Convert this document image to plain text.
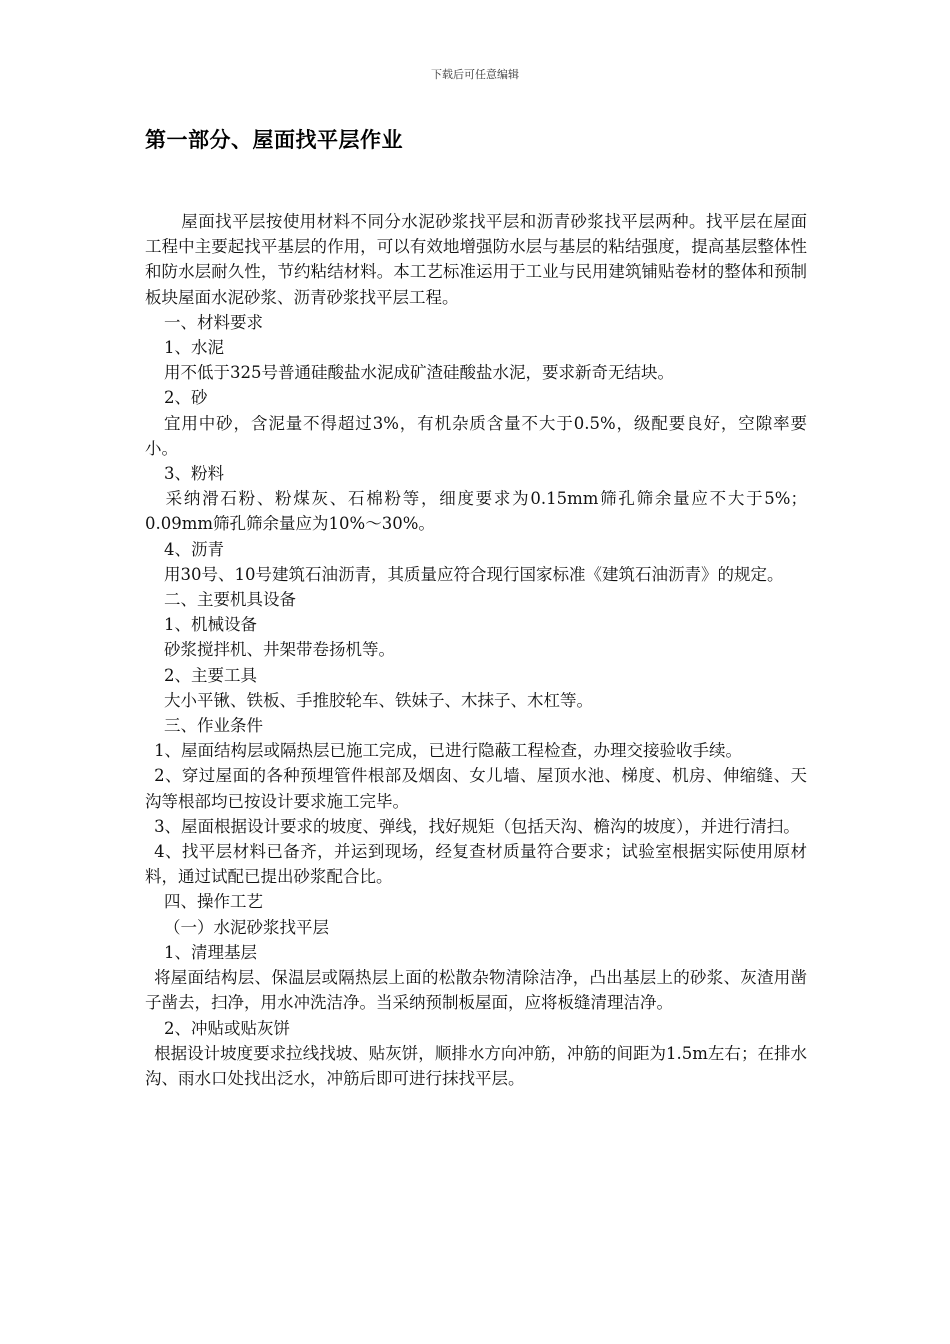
下载后可任意编辑
第一部分、屋面找平层作业

屋面找平层按使用材料不同分水泥砂浆找平层和沥青砂浆找平层两种。找平层在屋面工程中主要起找平基层的作用，可以有效地增强防水层与基层的粘结强度，提高基层整体性和防水层耐久性，节约粘结材料。本工艺标准运用于工业与民用建筑铺贴卷材的整体和预制板块屋面水泥砂浆、沥青砂浆找平层工程。

一、材料要求

1、水泥

用不低于325号普通硅酸盐水泥成矿渣硅酸盐水泥，要求新奇无结块。

2、砂

宜用中砂，含泥量不得超过3%，有机杂质含量不大于0.5%，级配要良好，空隙率要小。

3、粉料

采纳滑石粉、粉煤灰、石棉粉等，细度要求为0.15mm筛孔筛余量应不大于5%；0.09mm筛孔筛余量应为10%～30%。

4、沥青

用30号、10号建筑石油沥青，其质量应符合现行国家标准《建筑石油沥青》的规定。

二、主要机具设备

1、机械设备

砂浆搅拌机、井架带卷扬机等。

2、主要工具

大小平锹、铁板、手推胶轮车、铁妹子、木抹子、木杠等。

三、作业条件

1、屋面结构层或隔热层已施工完成，已进行隐蔽工程检查，办理交接验收手续。

2、穿过屋面的各种预埋管件根部及烟囱、女儿墙、屋顶水池、梯度、机房、伸缩缝、天沟等根部均已按设计要求施工完毕。

3、屋面根据设计要求的坡度、弹线，找好规矩（包括天沟、檐沟的坡度），并进行清扫。

4、找平层材料已备齐，并运到现场，经复查材质量符合要求；试验室根据实际使用原材料，通过试配已提出砂浆配合比。

四、操作工艺

（一）水泥砂浆找平层

1、清理基层

将屋面结构层、保温层或隔热层上面的松散杂物清除洁净，凸出基层上的砂浆、灰渣用凿子凿去，扫净，用水冲洗洁净。当采纳预制板屋面，应将板缝清理洁净。

2、冲贴或贴灰饼

根据设计坡度要求拉线找坡、贴灰饼，顺排水方向冲筋，冲筋的间距为1.5m左右；在排水沟、雨水口处找出泛水，冲筋后即可进行抹找平层。
